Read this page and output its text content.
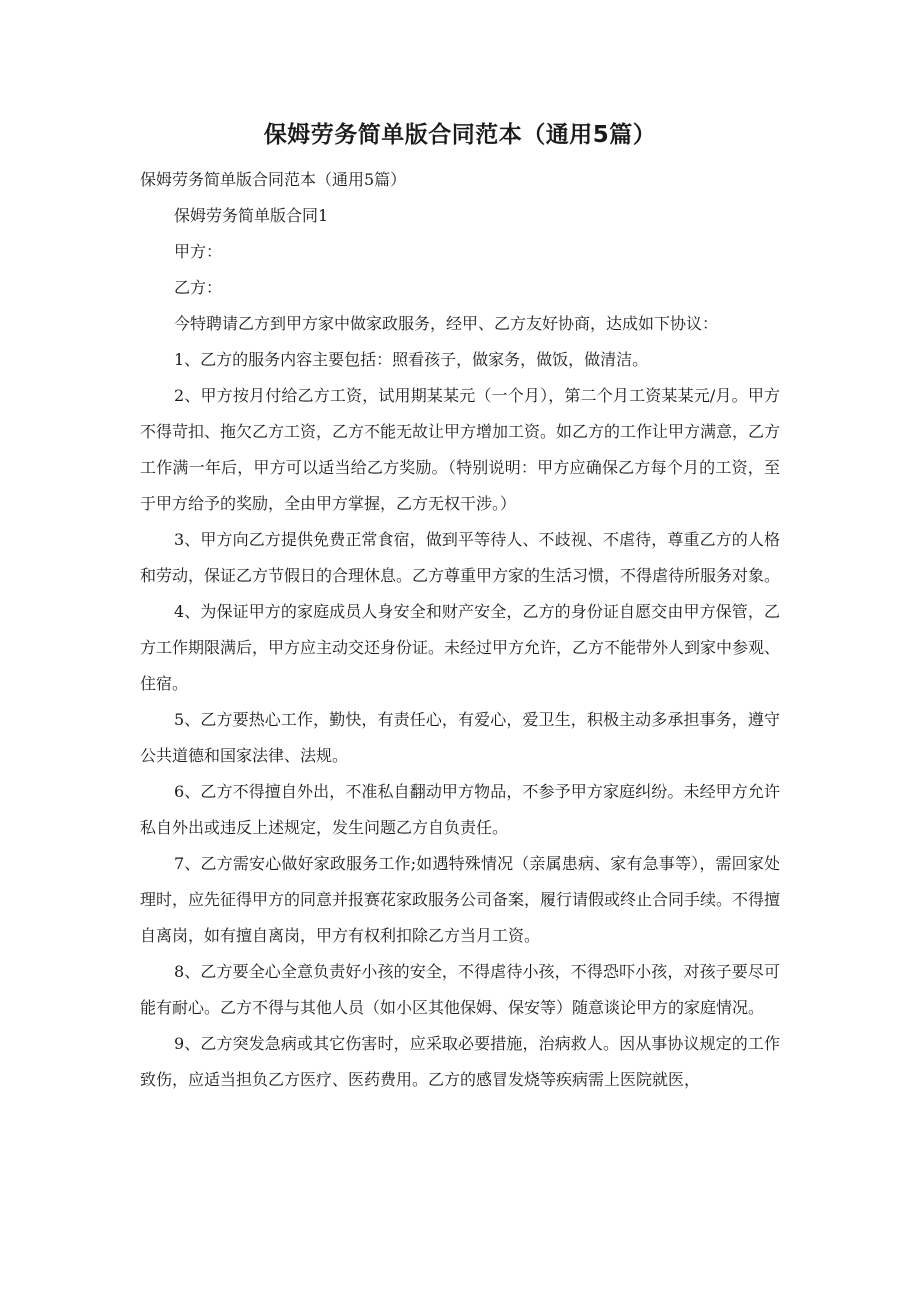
保姆劳务简单版合同范本（通用5篇）

保姆劳务简单版合同范本（通用5篇）

保姆劳务简单版合同1

甲方：

乙方：

今特聘请乙方到甲方家中做家政服务，经甲、乙方友好协商，达成如下协议：

1、乙方的服务内容主要包括：照看孩子，做家务，做饭，做清洁。

2、甲方按月付给乙方工资，试用期某某元（一个月），第二个月工资某某元/月。甲方不得苛扣、拖欠乙方工资，乙方不能无故让甲方增加工资。如乙方的工作让甲方满意，乙方工作满一年后，甲方可以适当给乙方奖励。（特别说明：甲方应确保乙方每个月的工资，至于甲方给予的奖励，全由甲方掌握，乙方无权干涉。）

3、甲方向乙方提供免费正常食宿，做到平等待人、不歧视、不虐待，尊重乙方的人格和劳动，保证乙方节假日的合理休息。乙方尊重甲方家的生活习惯，不得虐待所服务对象。

4、为保证甲方的家庭成员人身安全和财产安全，乙方的身份证自愿交由甲方保管，乙方工作期限满后，甲方应主动交还身份证。未经过甲方允许，乙方不能带外人到家中参观、住宿。

5、乙方要热心工作，勤快，有责任心，有爱心，爱卫生，积极主动多承担事务，遵守公共道德和国家法律、法规。

6、乙方不得擅自外出，不准私自翻动甲方物品，不参予甲方家庭纠纷。未经甲方允许私自外出或违反上述规定，发生问题乙方自负责任。

7、乙方需安心做好家政服务工作;如遇特殊情况（亲属患病、家有急事等），需回家处理时，应先征得甲方的同意并报赛花家政服务公司备案，履行请假或终止合同手续。不得擅自离岗，如有擅自离岗，甲方有权利扣除乙方当月工资。

8、乙方要全心全意负责好小孩的安全，不得虐待小孩，不得恐吓小孩，对孩子要尽可能有耐心。乙方不得与其他人员（如小区其他保姆、保安等）随意谈论甲方的家庭情况。

9、乙方突发急病或其它伤害时，应采取必要措施，治病救人。因从事协议规定的工作致伤，应适当担负乙方医疗、医药费用。乙方的感冒发烧等疾病需上医院就医，
